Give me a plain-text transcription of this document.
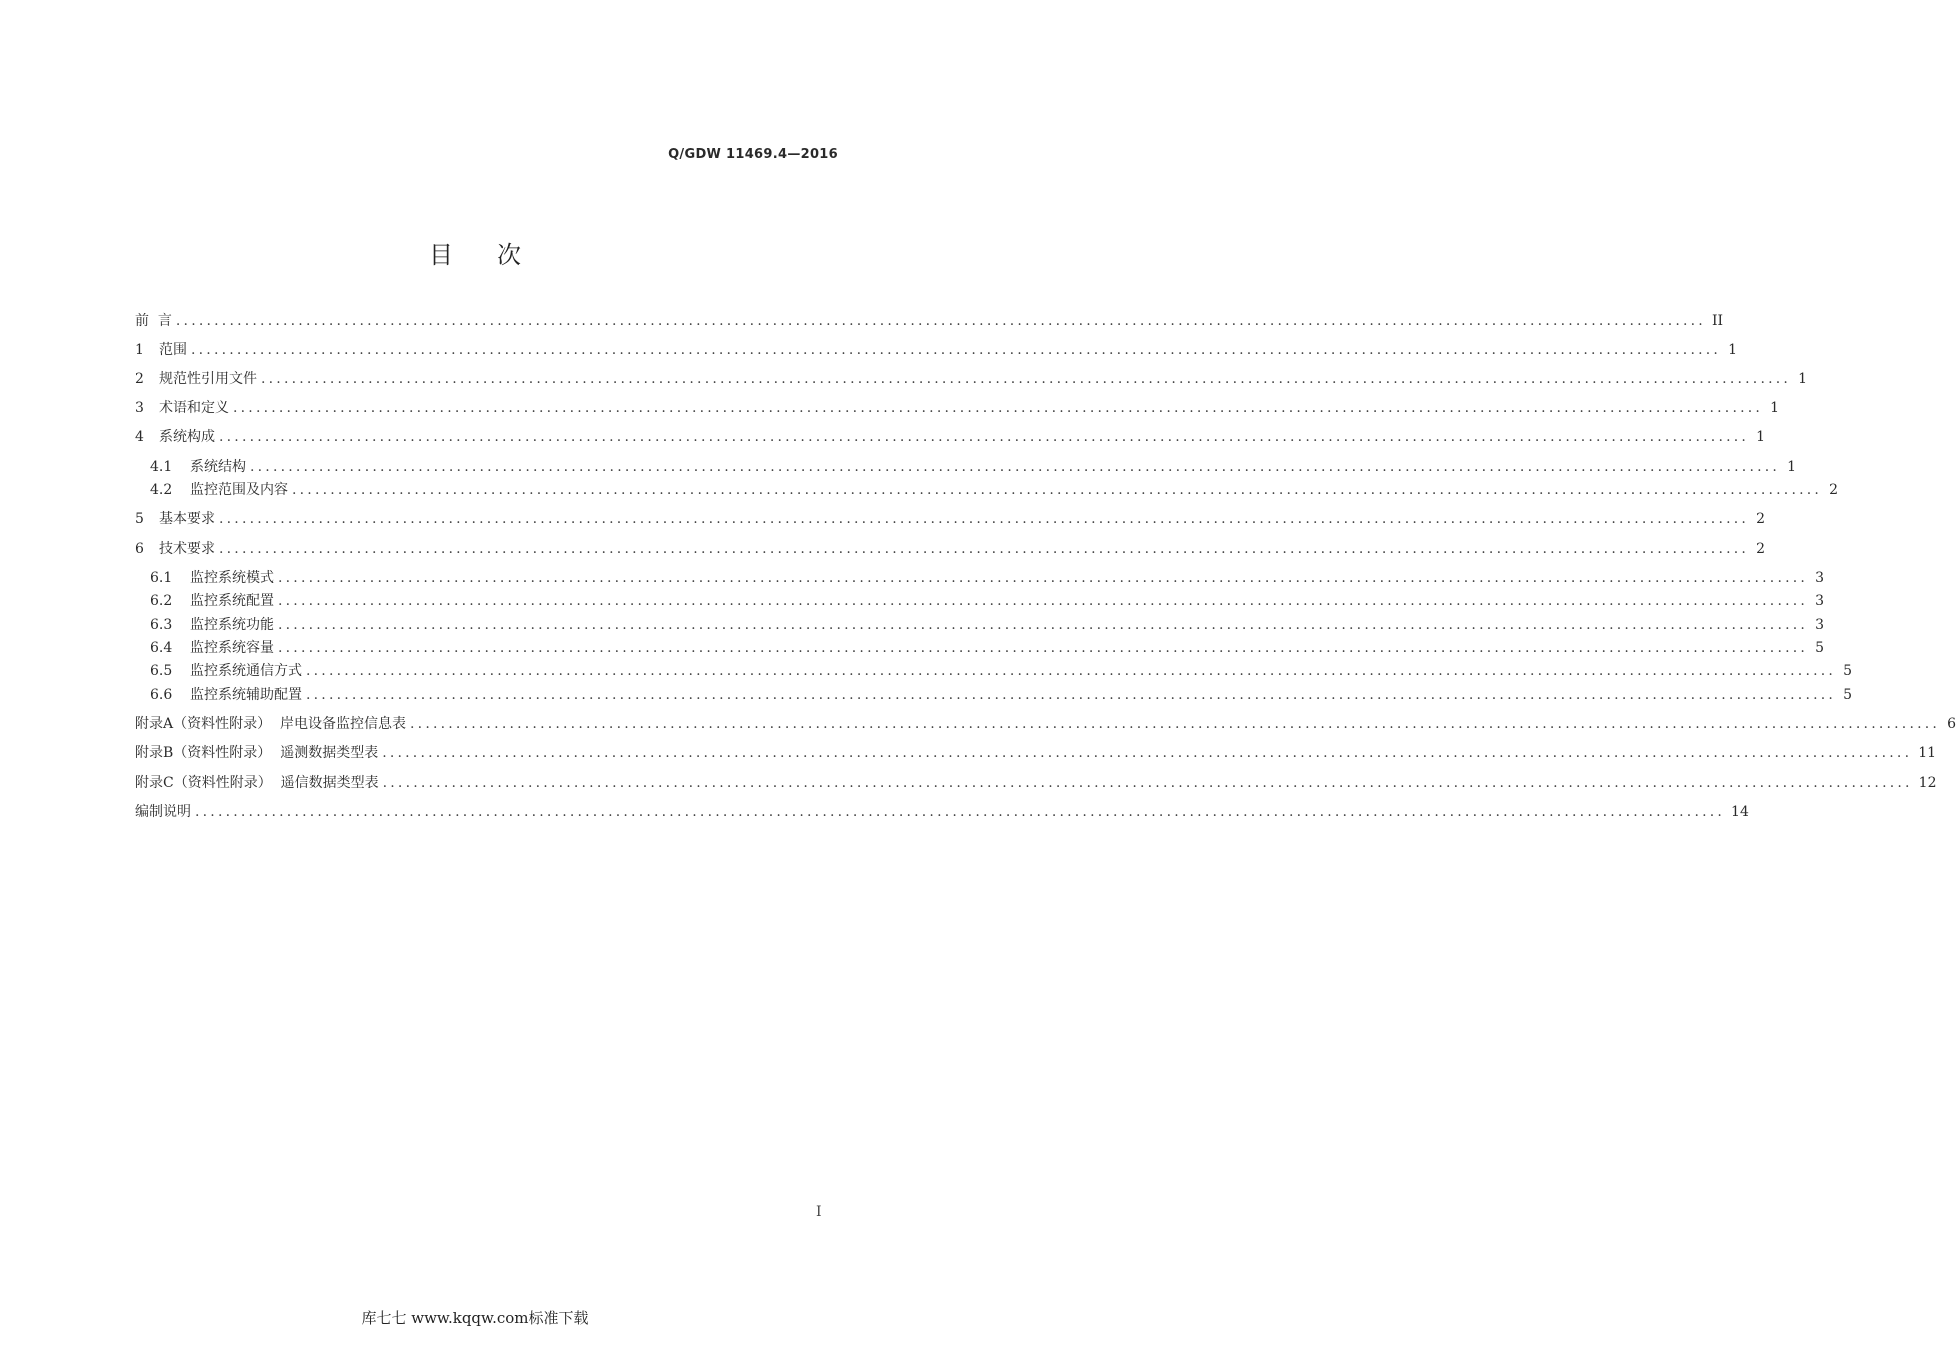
Q/GDW 11469.4—2016
目次
前  言 ........................................................................................................................................................................................................ II
1	范围 ........................................................................................................................................................................................................ 1
2	规范性引用文件 ........................................................................................................................................................................................................ 1
3	术语和定义 ........................................................................................................................................................................................................ 1
4	系统构成 ........................................................................................................................................................................................................ 1
4.1	系统结构 ........................................................................................................................................................................................................ 1
4.2	监控范围及内容 ........................................................................................................................................................................................................ 2
5	基本要求 ........................................................................................................................................................................................................ 2
6	技术要求 ........................................................................................................................................................................................................ 2
6.1	监控系统模式 ........................................................................................................................................................................................................ 3
6.2	监控系统配置 ........................................................................................................................................................................................................ 3
6.3	监控系统功能 ........................................................................................................................................................................................................ 3
6.4	监控系统容量 ........................................................................................................................................................................................................ 5
6.5	监控系统通信方式 ........................................................................................................................................................................................................ 5
6.6	监控系统辅助配置 ........................................................................................................................................................................................................ 5
附录A（资料性附录）  岸电设备监控信息表 ........................................................................................................................................................................................................ 6
附录B（资料性附录）  遥测数据类型表 ........................................................................................................................................................................................................ 11
附录C（资料性附录）  遥信数据类型表 ........................................................................................................................................................................................................ 12
编制说明 ........................................................................................................................................................................................................ 14
I
库七七 www.kqqw.com标准下载
